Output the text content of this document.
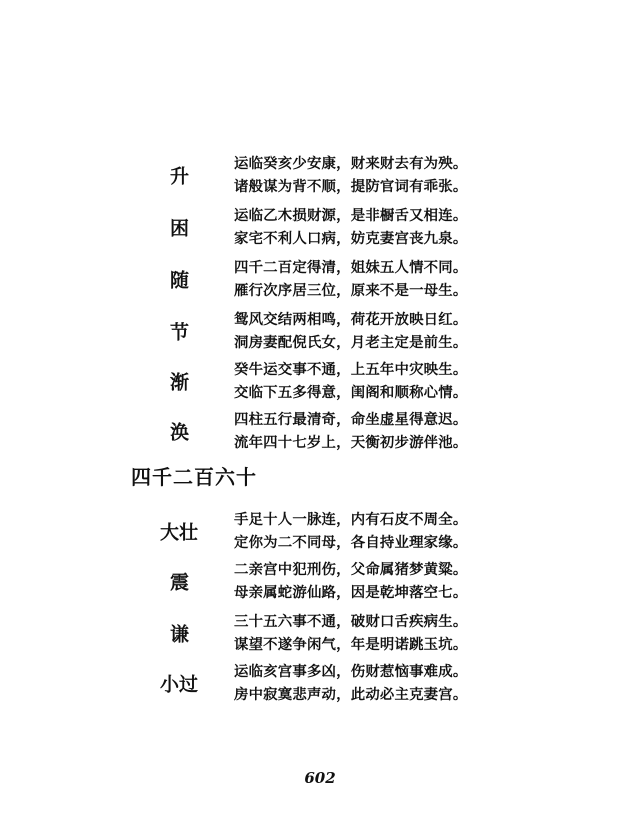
升
运临癸亥少安康，财来财去有为殃。
诸般谋为背不顺，提防官词有乖张。
困
运临乙木损财源，是非橱舌又相连。
家宅不利人口病，妨克妻宫丧九泉。
随
四千二百定得清，姐妹五人情不同。
雁行次序居三位，原来不是一母生。
节
鸳风交结两相鸣，荷花开放映日红。
洞房妻配倪氏女，月老主定是前生。
渐
癸牛运交事不通，上五年中灾映生。
交临下五多得意，闺阁和顺称心情。
涣
四柱五行最清奇，命坐虚星得意迟。
流年四十七岁上，天衡初步游伴池。
四千二百六十
大壮
手足十人一脉连，内有石皮不周全。
定你为二不同母，各自持业理家缘。
震
二亲宫中犯刑伤，父命属猪梦黄粱。
母亲属蛇游仙路，因是乾坤落空七。
谦
三十五六事不通，破财口舌疾病生。
谋望不遂争闲气，年是明诺跳玉坑。
小过
运临亥宫事多凶，伤财惹恼事难成。
房中寂寞悲声动，此动必主克妻宫。
602
